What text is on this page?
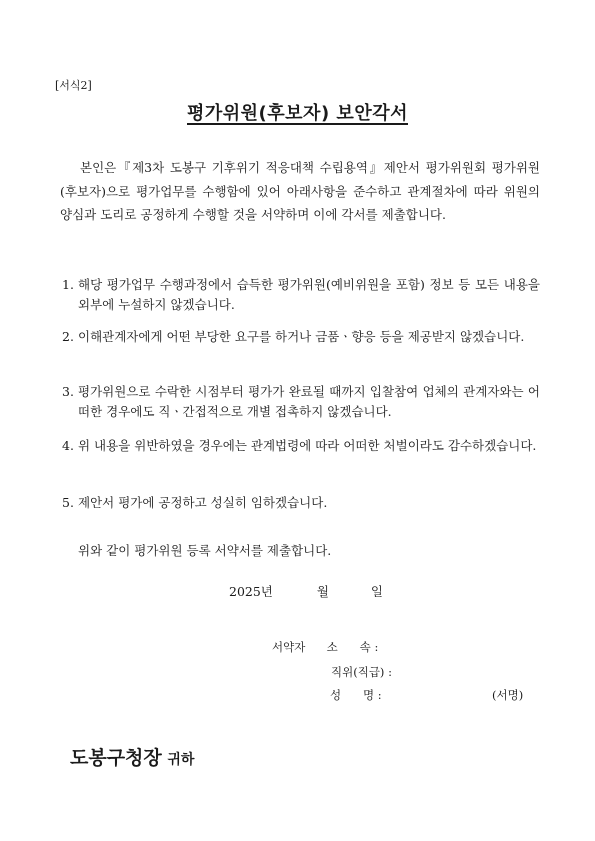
[서식2]
평가위원(후보자) 보안각서
본인은『제3차 도봉구 기후위기 적응대책 수립용역』제안서 평가위원회 평가위원(후보자)으로 평가업무를 수행함에 있어 아래사항을 준수하고 관계절차에 따라 위원의 양심과 도리로 공정하게 수행할 것을 서약하며 이에 각서를 제출합니다.
1. 해당 평가업무 수행과정에서 습득한 평가위원(예비위원을 포함) 정보 등 모든 내용을 외부에 누설하지 않겠습니다.
2. 이해관계자에게 어떤 부당한 요구를 하거나 금품ㆍ향응 등을 제공받지 않겠습니다.
3. 평가위원으로 수락한 시점부터 평가가 완료될 때까지 입찰참여 업체의 관계자와는 어떠한 경우에도 직ㆍ간접적으로 개별 접촉하지 않겠습니다.
4. 위 내용을 위반하였을 경우에는 관계법령에 따라 어떠한 처벌이라도 감수하겠습니다.
5. 제안서 평가에 공정하고 성실히 임하겠습니다.
위와 같이 평가위원 등록 서약서를 제출합니다.
2025년	월	일
서약자 소      속 :
직위(직급) :
성      명 :	(서명)
도봉구청장 귀하
